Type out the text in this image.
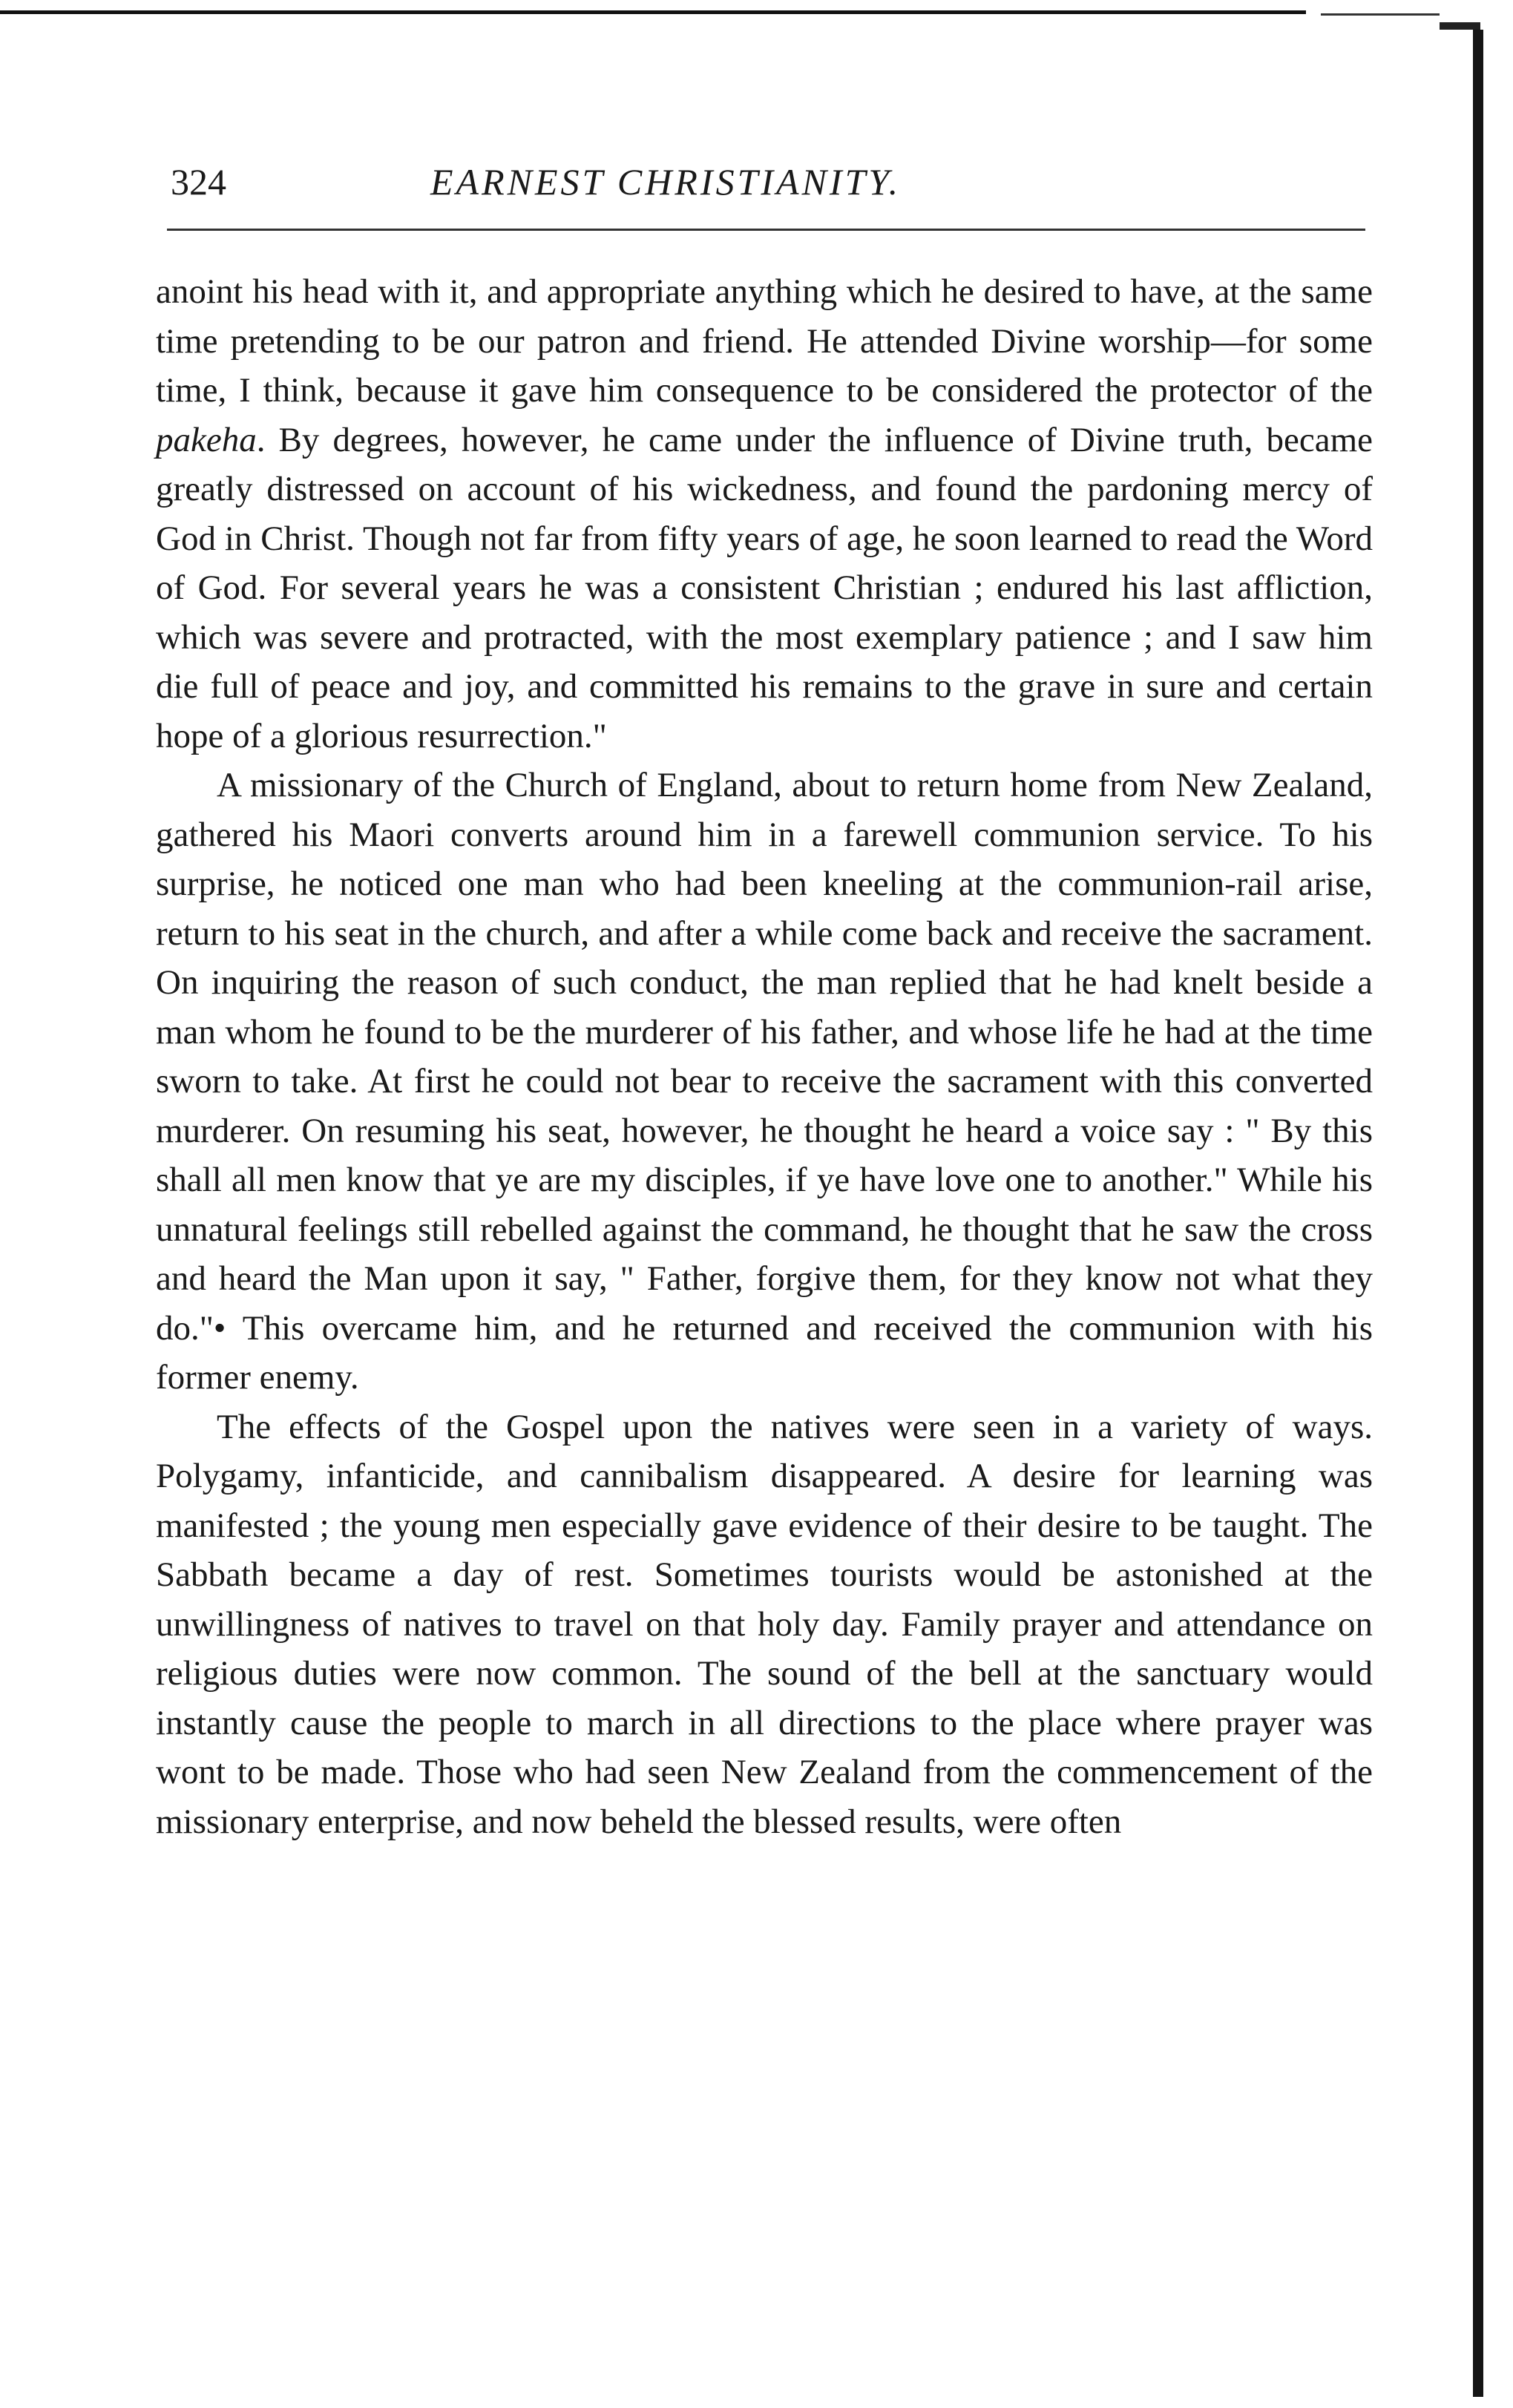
324	EARNEST CHRISTIANITY.

anoint his head with it, and appropriate anything which he desired to have, at the same time pretending to be our patron and friend. He attended Divine worship—for some time, I think, because it gave him consequence to be considered the protector of the pakeha. By degrees, however, he came under the influence of Divine truth, became greatly distressed on account of his wickedness, and found the pardoning mercy of God in Christ. Though not far from fifty years of age, he soon learned to read the Word of God. For several years he was a consistent Christian ; endured his last affliction, which was severe and protracted, with the most exemplary patience ; and I saw him die full of peace and joy, and committed his remains to the grave in sure and certain hope of a glorious resurrection."

A missionary of the Church of England, about to return home from New Zealand, gathered his Maori converts around him in a farewell communion service. To his surprise, he noticed one man who had been kneeling at the communion-rail arise, return to his seat in the church, and after a while come back and receive the sacrament. On inquiring the reason of such conduct, the man replied that he had knelt beside a man whom he found to be the murderer of his father, and whose life he had at the time sworn to take. At first he could not bear to receive the sacrament with this converted murderer. On resuming his seat, however, he thought he heard a voice say : " By this shall all men know that ye are my disciples, if ye have love one to another." While his unnatural feelings still rebelled against the command, he thought that he saw the cross and heard the Man upon it say, " Father, forgive them, for they know not what they do."• This overcame him, and he returned and received the communion with his former enemy.

The effects of the Gospel upon the natives were seen in a variety of ways. Polygamy, infanticide, and cannibalism disappeared. A desire for learning was manifested ; the young men especially gave evidence of their desire to be taught. The Sabbath became a day of rest. Sometimes tourists would be astonished at the unwillingness of natives to travel on that holy day. Family prayer and attendance on religious duties were now common. The sound of the bell at the sanctuary would instantly cause the people to march in all directions to the place where prayer was wont to be made. Those who had seen New Zealand from the commencement of the missionary enterprise, and now beheld the blessed results, were often
